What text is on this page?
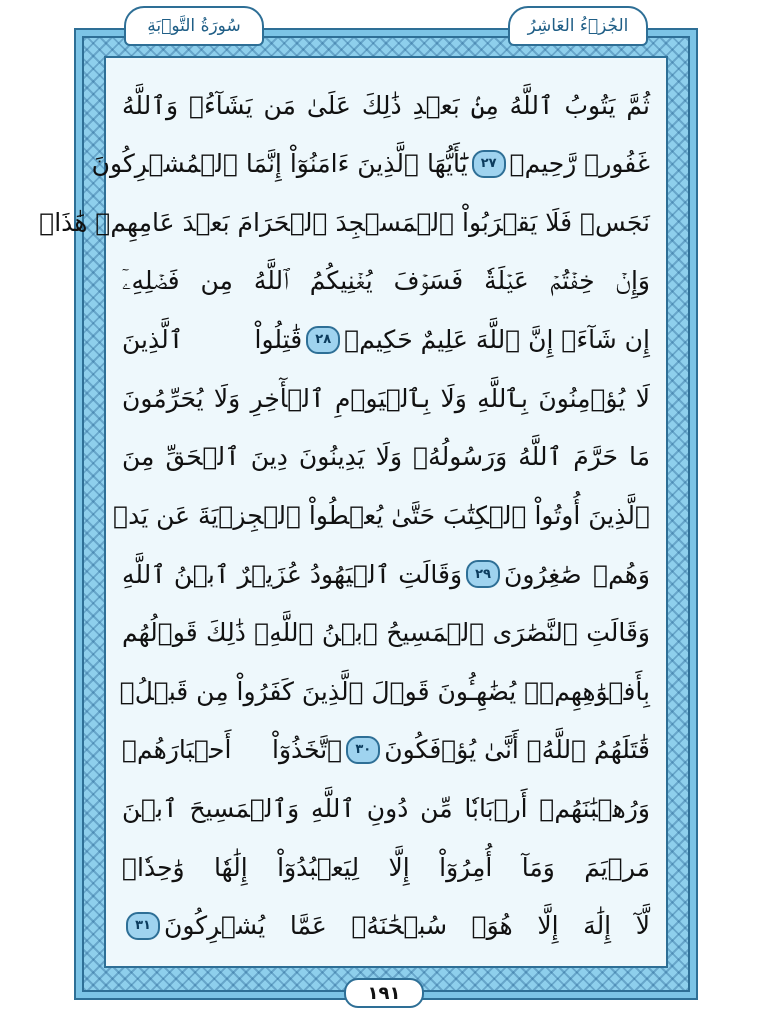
سُورَةُ التَّوۡبَةِ	الجُزۡءُ العَاشِرُ
ثُمَّ يَتُوبُ ٱللَّهُ مِنۢ بَعۡدِ ذَٰلِكَ عَلَىٰ مَن يَشَآءُۗ وَٱللَّهُ
غَفُورٞ رَّحِيمٞ
٢٧
يَٰٓأَيُّهَا ٱلَّذِينَ ءَامَنُوٓاْ إِنَّمَا ٱلۡمُشۡرِكُونَ
نَجَسٞ فَلَا يَقۡرَبُواْ ٱلۡمَسۡجِدَ ٱلۡحَرَامَ بَعۡدَ عَامِهِمۡ هَٰذَاۚ
وَإِنۡ خِفۡتُمۡ عَيۡلَةٗ فَسَوۡفَ يُغۡنِيكُمُ ٱللَّهُ مِن فَضۡلِهِۦٓ
إِن شَآءَۚ إِنَّ ٱللَّهَ عَلِيمٌ حَكِيمٞ
٢٨
قَٰتِلُواْ ٱلَّذِينَ
لَا يُؤۡمِنُونَ بِٱللَّهِ وَلَا بِٱلۡيَوۡمِ ٱلۡأٓخِرِ وَلَا يُحَرِّمُونَ
مَا حَرَّمَ ٱللَّهُ وَرَسُولُهُۥ وَلَا يَدِينُونَ دِينَ ٱلۡحَقِّ مِنَ
ٱلَّذِينَ أُوتُواْ ٱلۡكِتَٰبَ حَتَّىٰ يُعۡطُواْ ٱلۡجِزۡيَةَ عَن يَدٖ
وَهُمۡ صَٰغِرُونَ
٢٩
وَقَالَتِ ٱلۡيَهُودُ عُزَيۡرٌ ٱبۡنُ ٱللَّهِ
وَقَالَتِ ٱلنَّصَٰرَى ٱلۡمَسِيحُ ٱبۡنُ ٱللَّهِۖ ذَٰلِكَ قَوۡلُهُم
بِأَفۡوَٰهِهِمۡۖ يُضَٰهِـُٔونَ قَوۡلَ ٱلَّذِينَ كَفَرُواْ مِن قَبۡلُۚ
قَٰتَلَهُمُ ٱللَّهُۖ أَنَّىٰ يُؤۡفَكُونَ
٣٠
ٱتَّخَذُوٓاْ أَحۡبَارَهُمۡ
وَرُهۡبَٰنَهُمۡ أَرۡبَابٗا مِّن دُونِ ٱللَّهِ وَٱلۡمَسِيحَ ٱبۡنَ
مَرۡيَمَ وَمَآ أُمِرُوٓاْ إِلَّا لِيَعۡبُدُوٓاْ إِلَٰهٗا وَٰحِدٗاۖ
لَّآ إِلَٰهَ إِلَّا هُوَۚ سُبۡحَٰنَهُۥ عَمَّا يُشۡرِكُونَ
٣١
١٩١
